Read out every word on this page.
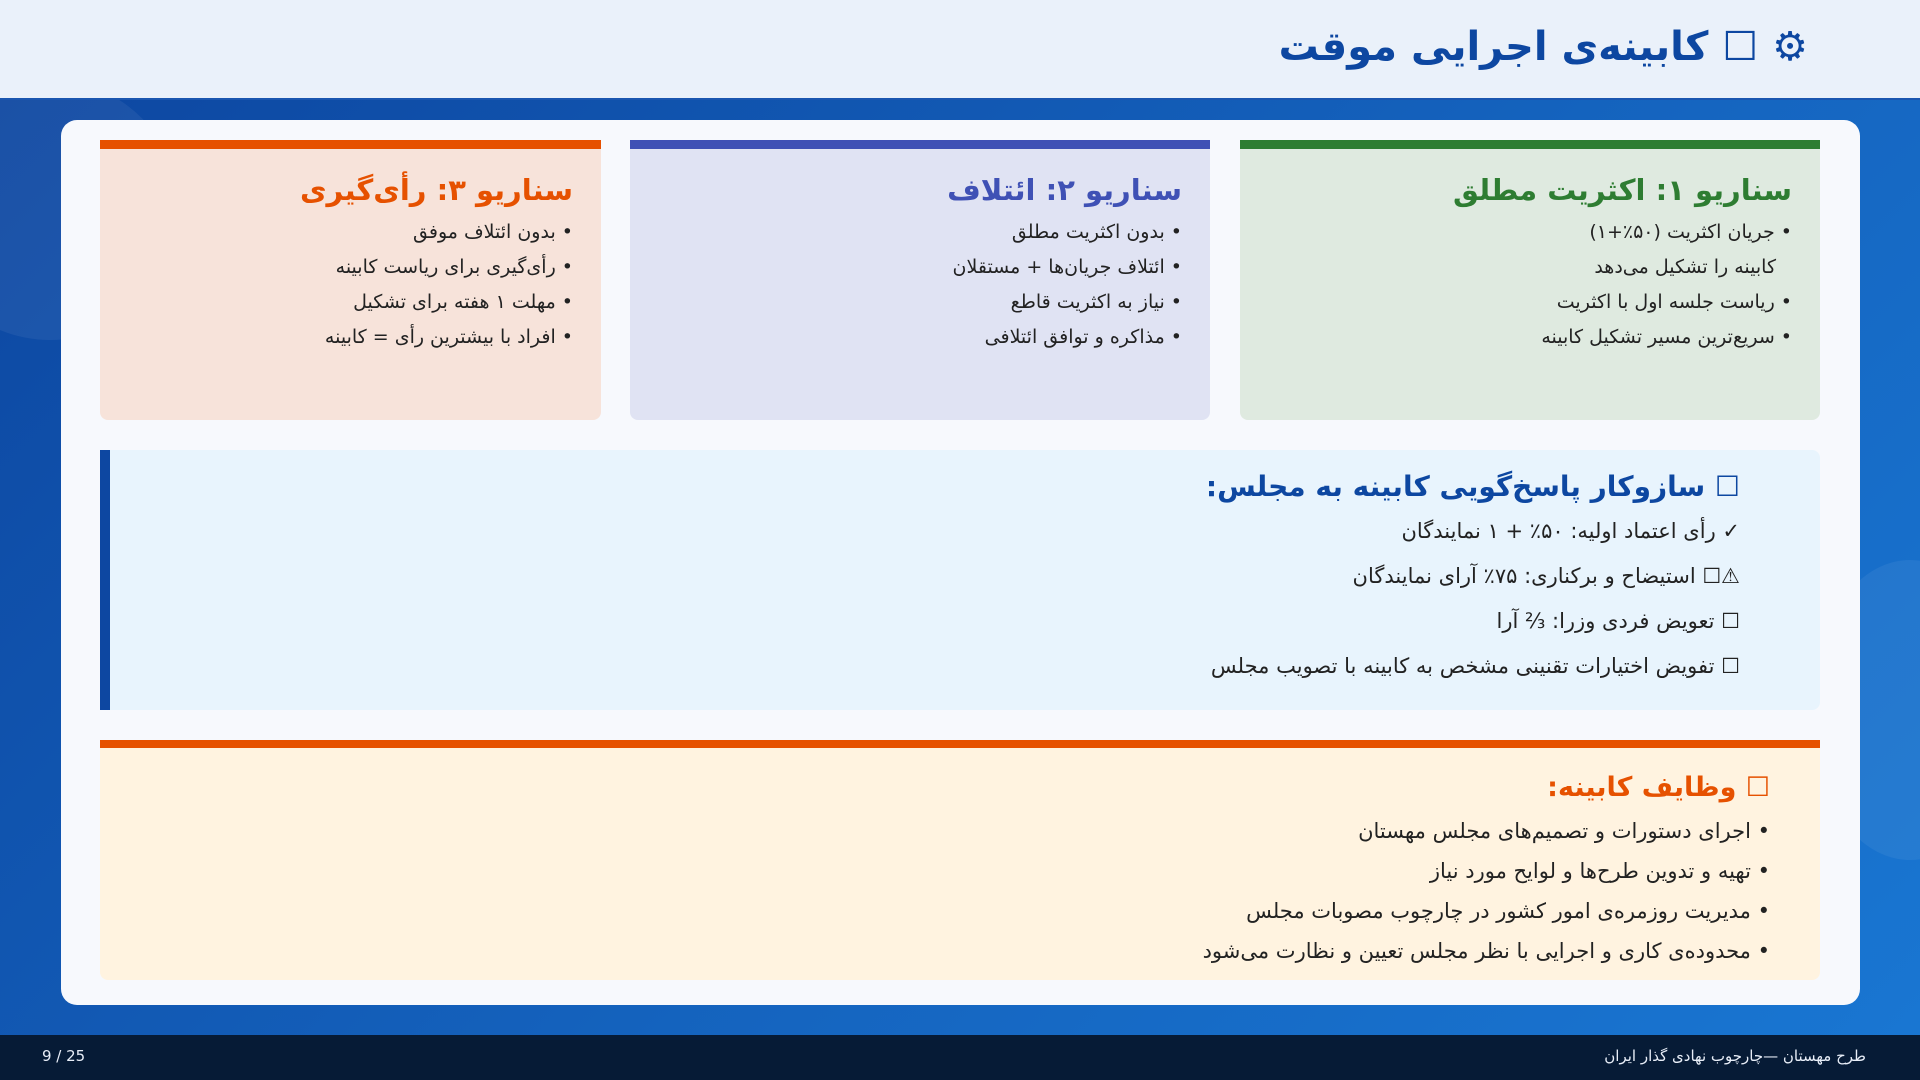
⚙ ☐ کابینه‌ی اجرایی موقت
سناریو ۱: اکثریت مطلق
• جریان اکثریت (۵۰٪+۱)
کابینه را تشکیل می‌دهد
• ریاست جلسه اول با اکثریت
• سریع‌ترین مسیر تشکیل کابینه
سناریو ۲: ائتلاف
• بدون اکثریت مطلق
• ائتلاف جریان‌ها + مستقلان
• نیاز به اکثریت قاطع
• مذاکره و توافق ائتلافی
سناریو ۳: رأی‌گیری
• بدون ائتلاف موفق
• رأی‌گیری برای ریاست کابینه
• مهلت ۱ هفته برای تشکیل
• افراد با بیشترین رأی = کابینه
☐ سازوکار پاسخ‌گویی کابینه به مجلس:
✓ رأی اعتماد اولیه: ۵۰٪ + ۱ نمایندگان
⚠☐ استیضاح و برکناری: ۷۵٪ آرای نمایندگان
☐ تعویض فردی وزرا: ⅔ آرا
☐ تفویض اختیارات تقنینی مشخص به کابینه با تصویب مجلس
☐ وظایف کابینه:
• اجرای دستورات و تصمیم‌های مجلس مهستان
• تهیه و تدوین طرح‌ها و لوایح مورد نیاز
• مدیریت روزمره‌ی امور کشور در چارچوب مصوبات مجلس
• محدوده‌ی کاری و اجرایی با نظر مجلس تعیین و نظارت می‌شود
9 / 25	طرح مهستان —چارچوب نهادی گذار ایران
